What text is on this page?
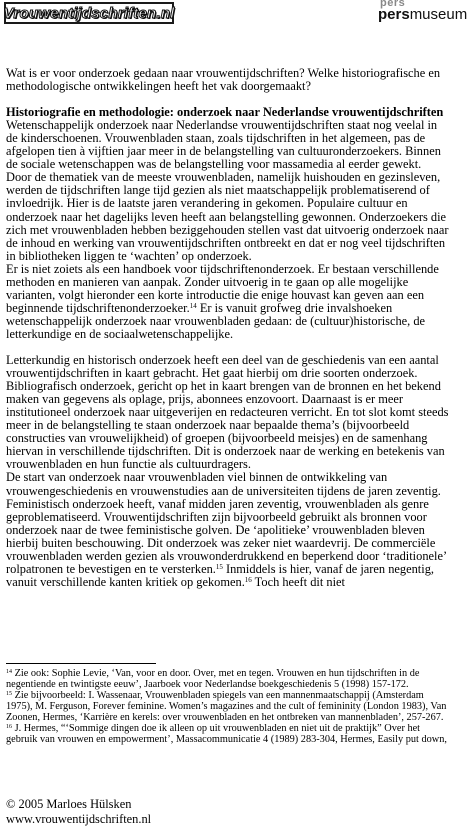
Vrouwentijdschriften.nl
pers
persmuseum
Wat is er voor onderzoek gedaan naar vrouwentijdschriften? Welke historiografische en
methodologische ontwikkelingen heeft het vak doorgemaakt?
Historiografie en methodologie: onderzoek naar Nederlandse vrouwentijdschriften
Wetenschappelijk onderzoek naar Nederlandse vrouwentijdschriften staat nog veelal in
de kinderschoenen. Vrouwenbladen staan, zoals tijdschriften in het algemeen, pas de
afgelopen tien à vijftien jaar meer in de belangstelling van cultuuronderzoekers. Binnen
de sociale wetenschappen was de belangstelling voor massamedia al eerder gewekt.
Door de thematiek van de meeste vrouwenbladen, namelijk huishouden en gezinsleven,
werden de tijdschriften lange tijd gezien als niet maatschappelijk problematiserend of
invloedrijk. Hier is de laatste jaren verandering in gekomen. Populaire cultuur en
onderzoek naar het dagelijks leven heeft aan belangstelling gewonnen. Onderzoekers die
zich met vrouwenbladen hebben beziggehouden stellen vast dat uitvoerig onderzoek naar
de inhoud en werking van vrouwentijdschriften ontbreekt en dat er nog veel tijdschriften
in bibliotheken liggen te ‘wachten’ op onderzoek.
Er is niet zoiets als een handboek voor tijdschriftenonderzoek. Er bestaan verschillende
methoden en manieren van aanpak. Zonder uitvoerig in te gaan op alle mogelijke
varianten, volgt hieronder een korte introductie die enige houvast kan geven aan een
beginnende tijdschriftenonderzoeker.$^{14}$ Er is vanuit grofweg drie invalshoeken
wetenschappelijk onderzoek naar vrouwenbladen gedaan: de (cultuur)historische, de
letterkundige en de sociaalwetenschappelijke.
Letterkundig en historisch onderzoek heeft een deel van de geschiedenis van een aantal
vrouwentijdschriften in kaart gebracht. Het gaat hierbij om drie soorten onderzoek.
Bibliografisch onderzoek, gericht op het in kaart brengen van de bronnen en het bekend
maken van gegevens als oplage, prijs, abonnees enzovoort. Daarnaast is er meer
institutioneel onderzoek naar uitgeverijen en redacteuren verricht. En tot slot komt steeds
meer in de belangstelling te staan onderzoek naar bepaalde thema’s (bijvoorbeeld
constructies van vrouwelijkheid) of groepen (bijvoorbeeld meisjes) en de samenhang
hiervan in verschillende tijdschriften. Dit is onderzoek naar de werking en betekenis van
vrouwenbladen en hun functie als cultuurdragers.
De start van onderzoek naar vrouwenbladen viel binnen de ontwikkeling van
vrouwengeschiedenis en vrouwenstudies aan de universiteiten tijdens de jaren zeventig.
Feministisch onderzoek heeft, vanaf midden jaren zeventig, vrouwenbladen als genre
geproblematiseerd. Vrouwentijdschriften zijn bijvoorbeeld gebruikt als bronnen voor
onderzoek naar de twee feministische golven. De ‘apolitieke’ vrouwenbladen bleven
hierbij buiten beschouwing. Dit onderzoek was zeker niet waardevrij. De commerciële
vrouwenbladen werden gezien als vrouwonderdrukkend en beperkend door ‘traditionele’
rolpatronen te bevestigen en te versterken.$^{15}$ Inmiddels is hier, vanaf de jaren negentig,
vanuit verschillende kanten kritiek op gekomen.$^{16}$ Toch heeft dit niet
$^{14}$ Zie ook: Sophie Levie, ‘Van, voor en door. Over, met en tegen. Vrouwen en hun tijdschriften in de
negentiende en twintigste eeuw’, Jaarboek voor Nederlandse boekgeschiedenis 5 (1998) 157-172.
$^{15}$ Zie bijvoorbeeld: I. Wassenaar, Vrouwenbladen spiegels van een mannenmaatschappij (Amsterdam
1975), M. Ferguson, Forever feminine. Women’s magazines and the cult of femininity (London 1983), Van
Zoonen, Hermes, ‘Karrière en kerels: over vrouwenbladen en het ontbreken van mannenbladen’, 257-267.
$^{16}$ J. Hermes, “‘Sommige dingen doe ik alleen op uit vrouwenbladen en niet uit de praktijk” Over het
gebruik van vrouwen en empowerment’, Massacommunicatie 4 (1989) 283-304, Hermes, Easily put down,
© 2005 Marloes Hülsken
www.vrouwentijdschriften.nl
